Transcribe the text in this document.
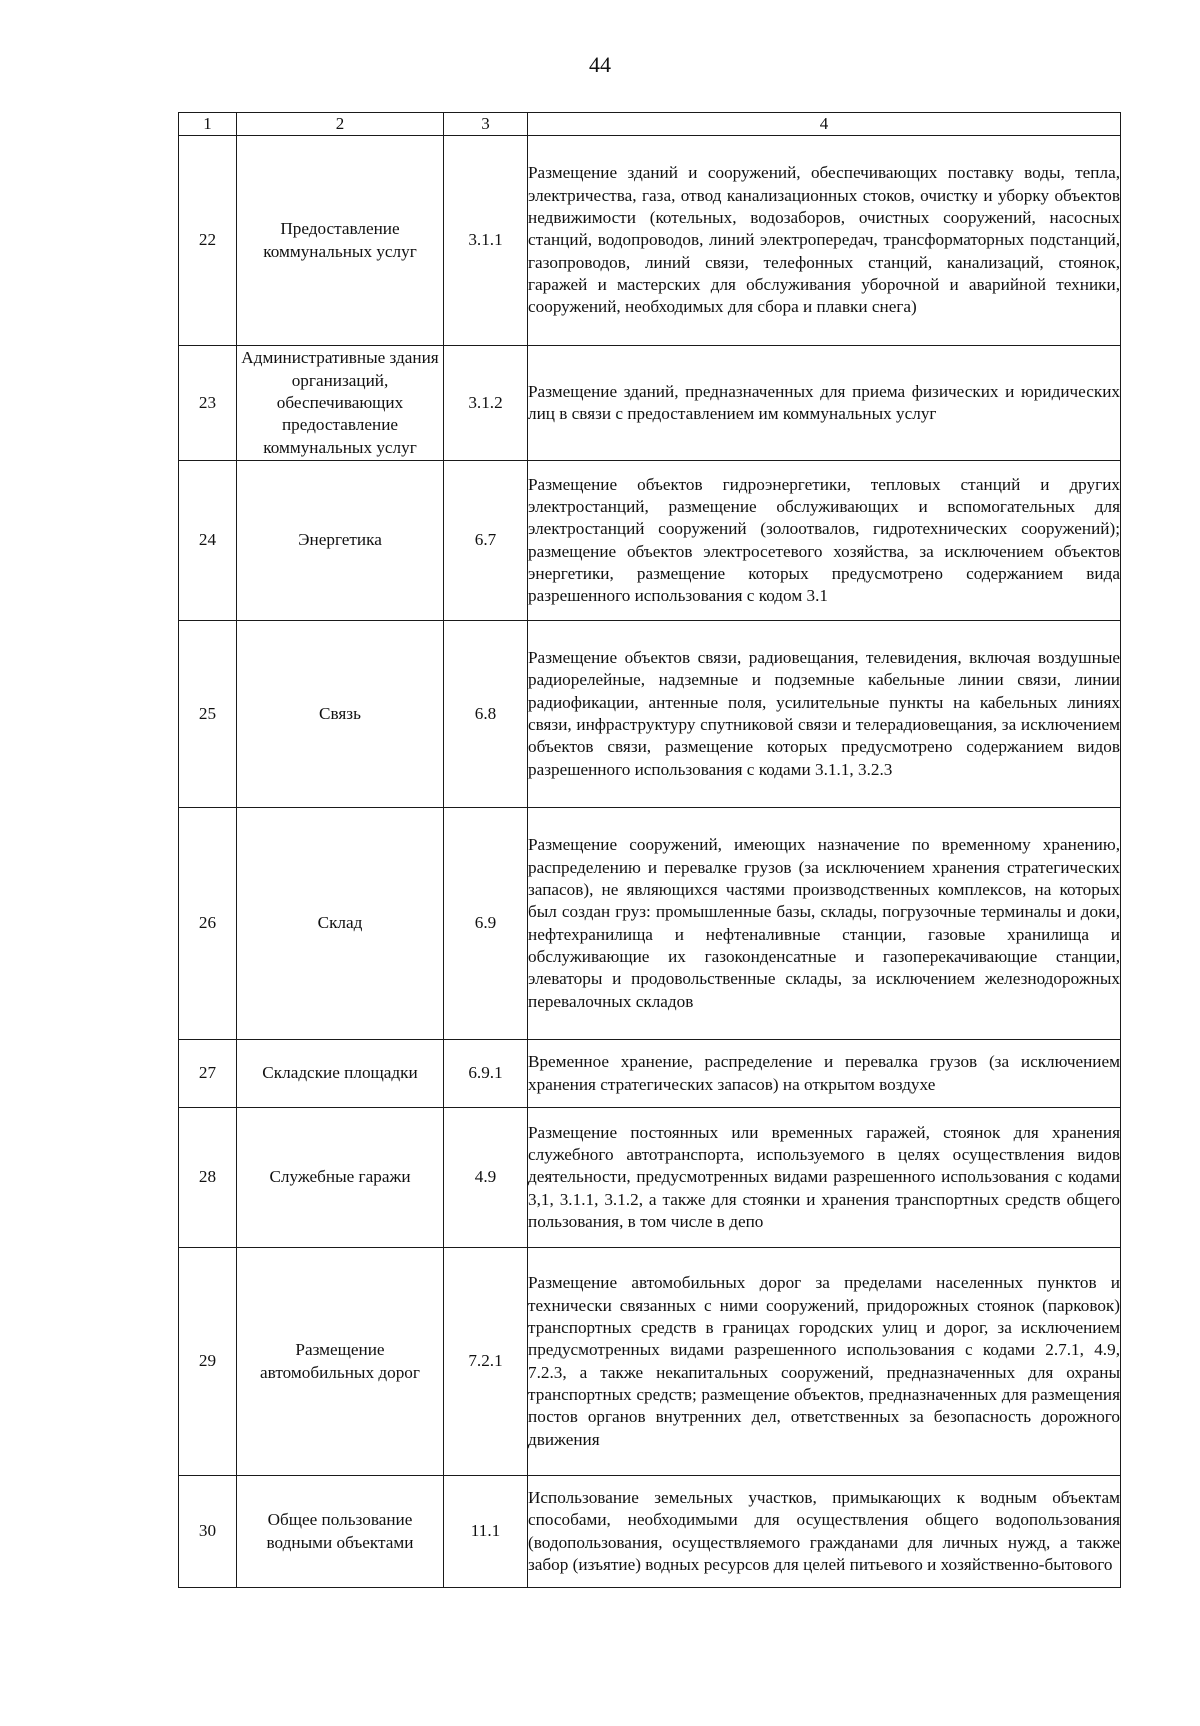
44
1	2	3	4
22	Предоставление коммунальных услуг	3.1.1	Размещение зданий и сооружений, обеспечивающих поставку воды, тепла, электричества, газа, отвод канализационных стоков, очистку и уборку объектов недвижимости (котельных, водозаборов, очистных сооружений, насосных станций, водопроводов, линий электропередач, трансформаторных подстанций, газопроводов, линий связи, телефонных станций, канализаций, стоянок, гаражей и мастерских для обслуживания уборочной и аварийной техники, сооружений, необходимых для сбора и плавки снега)
23	Административные здания организаций, обеспечивающих предоставление коммунальных услуг	3.1.2	Размещение зданий, предназначенных для приема физических и юридических лиц в связи с предоставлением им коммунальных услуг
24	Энергетика	6.7	Размещение объектов гидроэнергетики, тепловых станций и других электростанций, размещение обслуживающих и вспомогательных для электростанций сооружений (золоотвалов, гидротехнических сооружений); размещение объектов электросетевого хозяйства, за исключением объектов энергетики, размещение которых предусмотрено содержанием вида разрешенного использования с кодом 3.1
25	Связь	6.8	Размещение объектов связи, радиовещания, телевидения, включая воздушные радиорелейные, надземные и подземные кабельные линии связи, линии радиофикации, антенные поля, усилительные пункты на кабельных линиях связи, инфраструктуру спутниковой связи и телерадиовещания, за исключением объектов связи, размещение которых предусмотрено содержанием видов разрешенного использования с кодами 3.1.1, 3.2.3
26	Склад	6.9	Размещение сооружений, имеющих назначение по временному хранению, распределению и перевалке грузов (за исключением хранения стратегических запасов), не являющихся частями производственных комплексов, на которых был создан груз: промышленные базы, склады, погрузочные терминалы и доки, нефтехранилища и нефтеналивные станции, газовые хранилища и обслуживающие их газоконденсатные и газоперекачивающие станции, элеваторы и продовольственные склады, за исключением железнодорожных перевалочных складов
27	Складские площадки	6.9.1	Временное хранение, распределение и перевалка грузов (за исключением хранения стратегических запасов) на открытом воздухе
28	Служебные гаражи	4.9	Размещение постоянных или временных гаражей, стоянок для хранения служебного автотранспорта, используемого в целях осуществления видов деятельности, предусмотренных видами разрешенного использования с кодами 3,1, 3.1.1, 3.1.2, а также для стоянки и хранения транспортных средств общего пользования, в том числе в депо
29	Размещение автомобильных дорог	7.2.1	Размещение автомобильных дорог за пределами населенных пунктов и технически связанных с ними сооружений, придорожных стоянок (парковок) транспортных средств в границах городских улиц и дорог, за исключением предусмотренных видами разрешенного использования с кодами 2.7.1, 4.9, 7.2.3, а также некапитальных сооружений, предназначенных для охраны транспортных средств; размещение объектов, предназначенных для размещения постов органов внутренних дел, ответственных за безопасность дорожного движения
30	Общее пользование водными объектами	11.1	Использование земельных участков, примыкающих к водным объектам способами, необходимыми для осуществления общего водопользования (водопользования, осуществляемого гражданами для личных нужд, а также забор (изъятие) водных ресурсов для целей питьевого и хозяйственно-бытового
